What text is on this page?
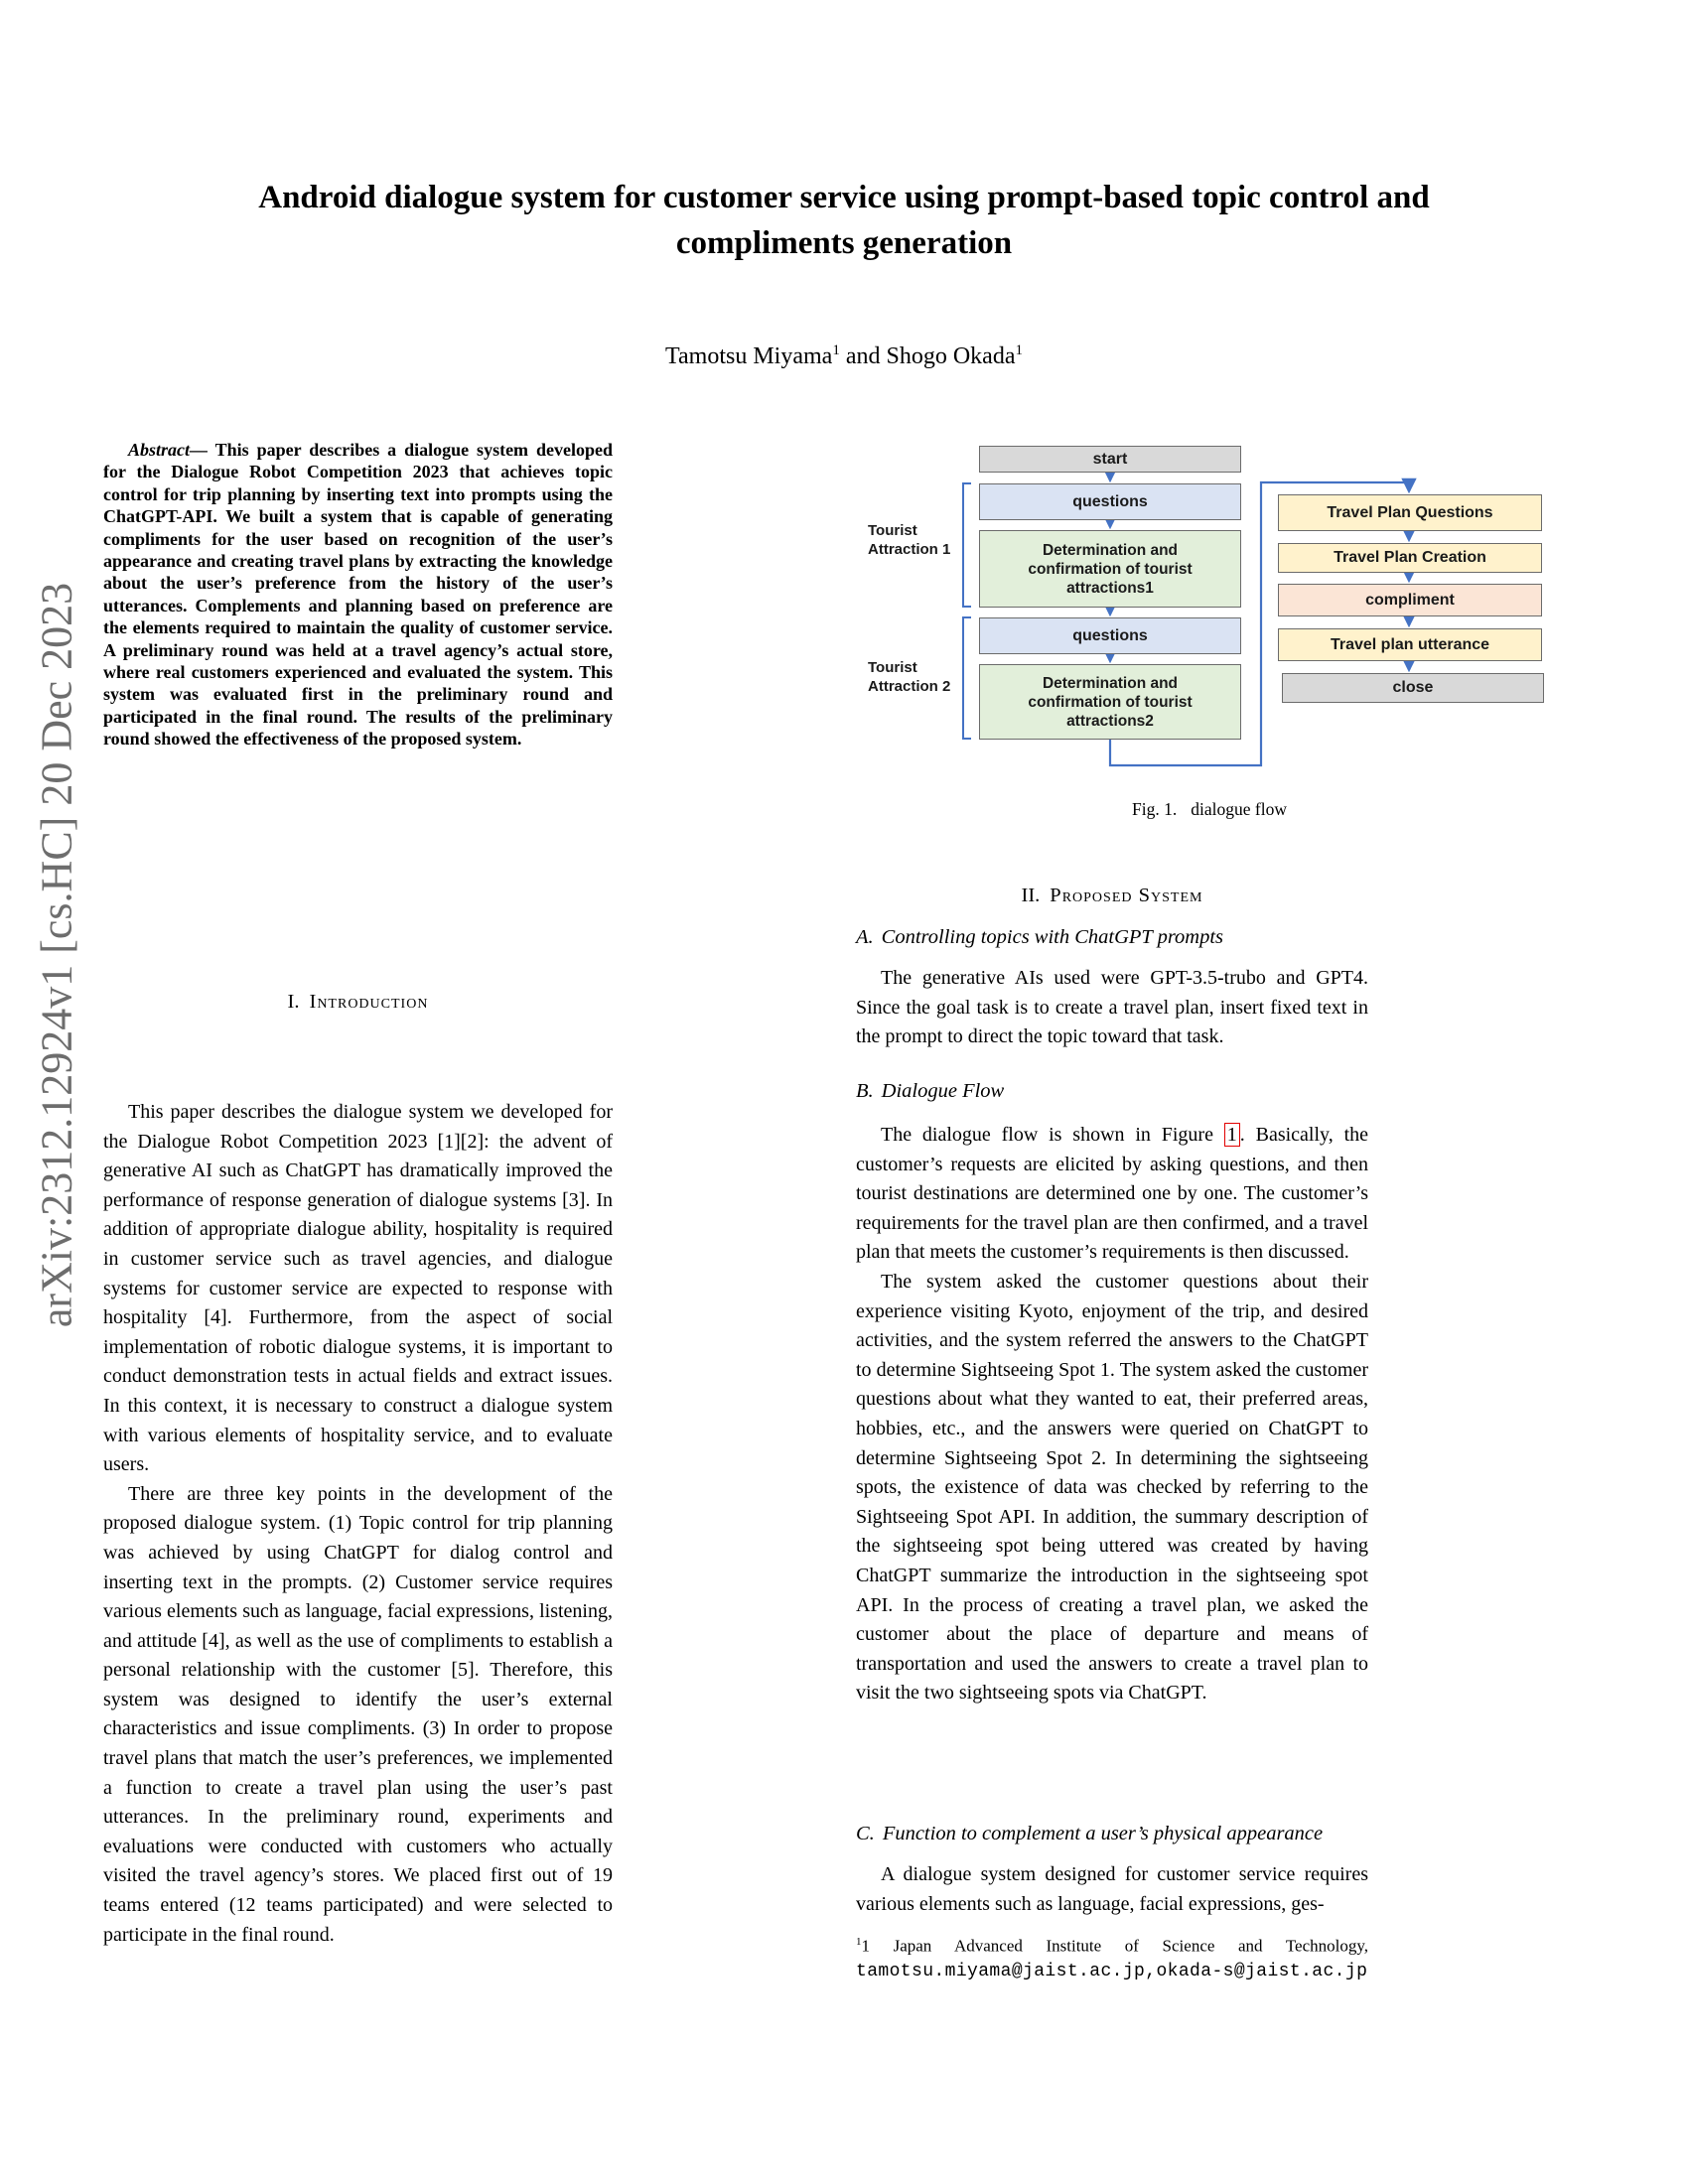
arXiv:2312.12924v1 [cs.HC] 20 Dec 2023
Android dialogue system for customer service using prompt-based topic control and compliments generation
Tamotsu Miyama$^1$ and Shogo Okada$^1$
Abstract— This paper describes a dialogue system developed for the Dialogue Robot Competition 2023 that achieves topic control for trip planning by inserting text into prompts using the ChatGPT-API. We built a system that is capable of generating compliments for the user based on recognition of the user’s appearance and creating travel plans by extracting the knowledge about the user’s preference from the history of the user’s utterances. Complements and planning based on preference are the elements required to maintain the quality of customer service. A preliminary round was held at a travel agency’s actual store, where real customers experienced and evaluated the system. This system was evaluated first in the preliminary round and participated in the final round. The results of the preliminary round showed the effectiveness of the proposed system.
I. Introduction

This paper describes the dialogue system we developed for the Dialogue Robot Competition 2023 [1][2]: the advent of generative AI such as ChatGPT has dramatically improved the performance of response generation of dialogue systems [3]. In addition of appropriate dialogue ability, hospitality is required in customer service such as travel agencies, and dialogue systems for customer service are expected to response with hospitality [4]. Furthermore, from the aspect of social implementation of robotic dialogue systems, it is important to conduct demonstration tests in actual fields and extract issues. In this context, it is necessary to construct a dialogue system with various elements of hospitality service, and to evaluate users.

There are three key points in the development of the proposed dialogue system. (1) Topic control for trip planning was achieved by using ChatGPT for dialog control and inserting text in the prompts. (2) Customer service requires various elements such as language, facial expressions, listening, and attitude [4], as well as the use of compliments to establish a personal relationship with the customer [5]. Therefore, this system was designed to identify the user’s external characteristics and issue compliments. (3) In order to propose travel plans that match the user’s preferences, we implemented a function to create a travel plan using the user’s past utterances. In the preliminary round, experiments and evaluations were conducted with customers who actually visited the travel agency’s stores. We placed first out of 19 teams entered (12 teams participated) and were selected to participate in the final round.

start
questions
Determination and confirmation of tourist attractions1
questions
Determination and confirmation of tourist attractions2
Travel Plan Questions
Travel Plan Creation
compliment
Travel plan utterance
close
Tourist Attraction 1
Tourist Attraction 2
Fig. 1. dialogue flow
II. Proposed System
A. Controlling topics with ChatGPT prompts

The generative AIs used were GPT-3.5-trubo and GPT4. Since the goal task is to create a travel plan, insert fixed text in the prompt to direct the topic toward that task.

B. Dialogue Flow

The dialogue flow is shown in Figure 1 . Basically, the customer’s requests are elicited by asking questions, and then tourist destinations are determined one by one. The customer’s requirements for the travel plan are then confirmed, and a travel plan that meets the customer’s requirements is then discussed.

The system asked the customer questions about their experience visiting Kyoto, enjoyment of the trip, and desired activities, and the system referred the answers to the ChatGPT to determine Sightseeing Spot 1. The system asked the customer questions about what they wanted to eat, their preferred areas, hobbies, etc., and the answers were queried on ChatGPT to determine Sightseeing Spot 2. In determining the sightseeing spots, the existence of data was checked by referring to the Sightseeing Spot API. In addition, the summary description of the sightseeing spot being uttered was created by having ChatGPT summarize the introduction in the sightseeing spot API. In the process of creating a travel plan, we asked the customer about the place of departure and means of transportation and used the answers to create a travel plan to visit the two sightseeing spots via ChatGPT.

C. Function to complement a user’s physical appearance

A dialogue system designed for customer service requires various elements such as language, facial expressions, ges-

$^1$1 Japan Advanced Institute of Science and Technology,
tamotsu.miyama@jaist.ac.jp,okada-s@jaist.ac.jp
